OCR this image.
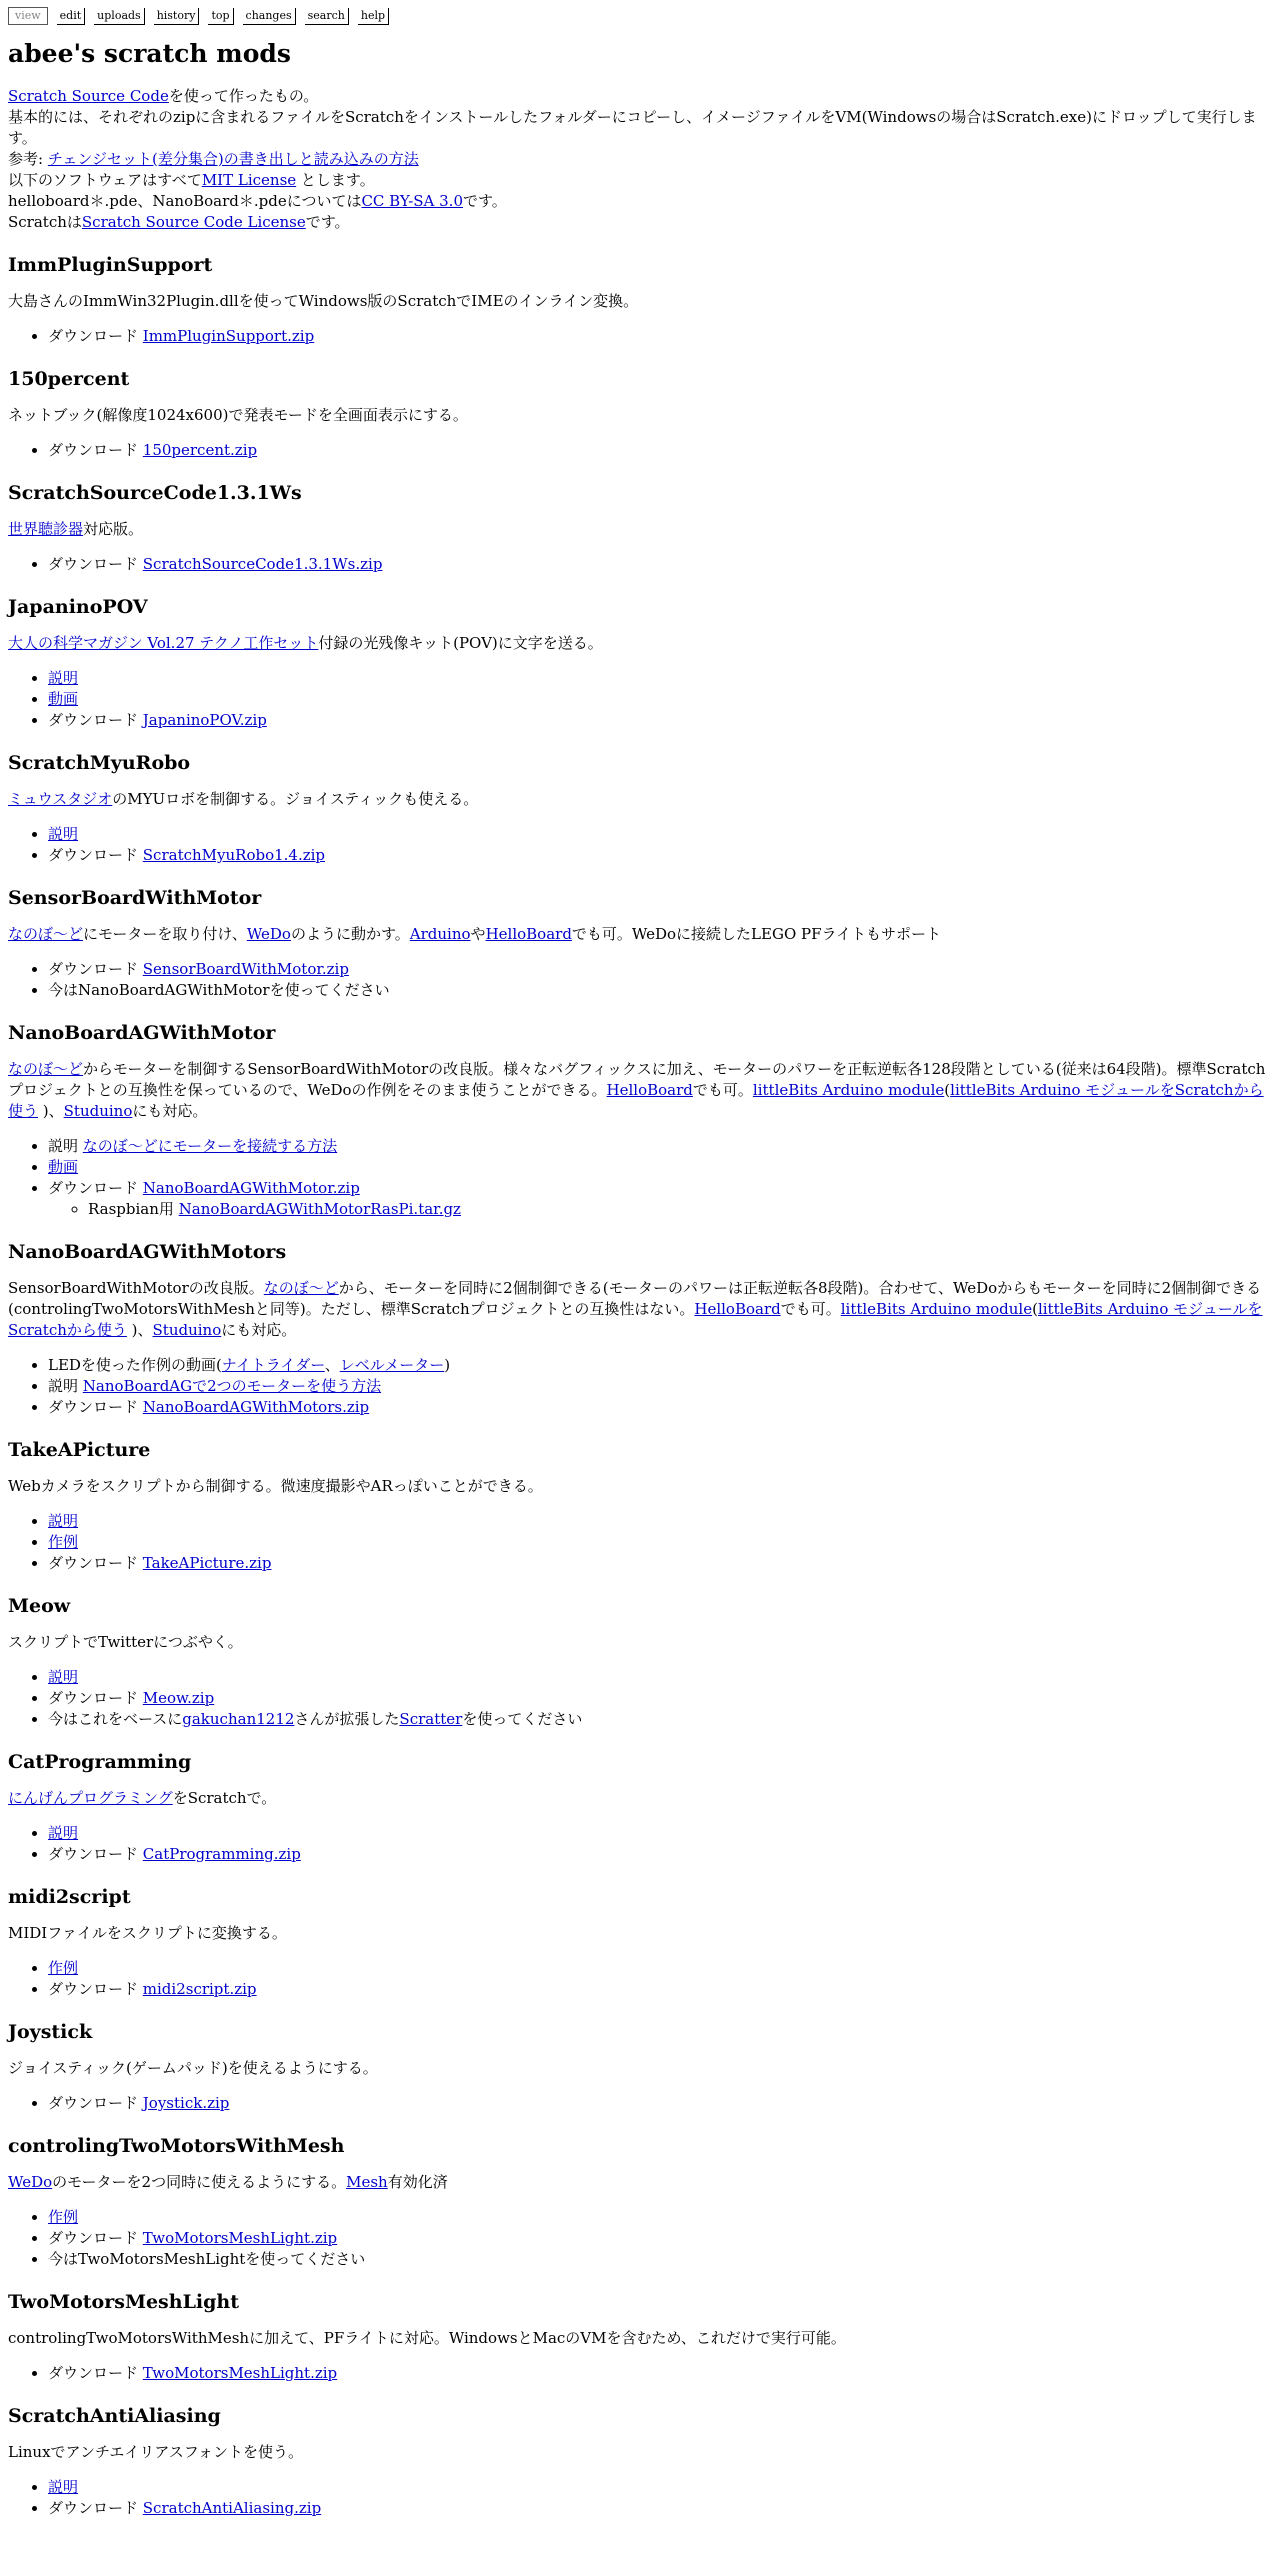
view	edit	uploads	history	top	changes	search	help
abee's scratch mods
Scratch Source Codeを使って作ったもの。
基本的には、それぞれのzipに含まれるファイルをScratchをインストールしたフォルダーにコピーし、イメージファイルをVM(Windowsの場合はScratch.exe)にドロップして実行します。
参考: チェンジセット(差分集合)の書き出しと読み込みの方法
以下のソフトウェアはすべてMIT License とします。
helloboard＊.pde、NanoBoard＊.pdeについてはCC BY-SA 3.0です。
ScratchはScratch Source Code Licenseです。
ImmPluginSupport

大島さんのImmWin32Plugin.dllを使ってWindows版のScratchでIMEのインライン変換。

• ダウンロード ImmPluginSupport.zip
150percent

ネットブック(解像度1024x600)で発表モードを全画面表示にする。

• ダウンロード 150percent.zip
ScratchSourceCode1.3.1Ws

世界聴診器対応版。

• ダウンロード ScratchSourceCode1.3.1Ws.zip
JapaninoPOV

大人の科学マガジン Vol.27 テクノ工作セット付録の光残像キット(POV)に文字を送る。

• 説明
• 動画
• ダウンロード JapaninoPOV.zip
ScratchMyuRobo

ミュウスタジオのMYUロボを制御する。ジョイスティックも使える。

• 説明
• ダウンロード ScratchMyuRobo1.4.zip
SensorBoardWithMotor

なのぼ〜どにモーターを取り付け、WeDoのように動かす。ArduinoやHelloBoardでも可。WeDoに接続したLEGO PFライトもサポート

• ダウンロード SensorBoardWithMotor.zip
• 今はNanoBoardAGWithMotorを使ってください
NanoBoardAGWithMotor

なのぼ〜どからモーターを制御するSensorBoardWithMotorの改良版。様々なバグフィックスに加え、モーターのパワーを正転逆転各128段階としている(従来は64段階)。標準Scratchプロジェクトとの互換性を保っているので、WeDoの作例をそのまま使うことができる。HelloBoardでも可。littleBits Arduino module(littleBits Arduino モジュールをScratchから使う )、Studuinoにも対応。

• 説明 なのぼ～どにモーターを接続する方法
• 動画
• ダウンロード NanoBoardAGWithMotor.zip
◦ Raspbian用 NanoBoardAGWithMotorRasPi.tar.gz
NanoBoardAGWithMotors

SensorBoardWithMotorの改良版。なのぼ〜どから、モーターを同時に2個制御できる(モーターのパワーは正転逆転各8段階)。合わせて、WeDoからもモーターを同時に2個制御できる(controlingTwoMotorsWithMeshと同等)。ただし、標準Scratchプロジェクトとの互換性はない。HelloBoardでも可。littleBits Arduino module(littleBits Arduino モジュールをScratchから使う )、Studuinoにも対応。

• LEDを使った作例の動画(ナイトライダー、レベルメーター)
• 説明 NanoBoardAGで2つのモーターを使う方法
• ダウンロード NanoBoardAGWithMotors.zip
TakeAPicture

Webカメラをスクリプトから制御する。微速度撮影やARっぽいことができる。

• 説明
• 作例
• ダウンロード TakeAPicture.zip
Meow

スクリプトでTwitterにつぶやく。

• 説明
• ダウンロード Meow.zip
• 今はこれをベースにgakuchan1212さんが拡張したScratterを使ってください
CatProgramming

にんげんプログラミングをScratchで。

• 説明
• ダウンロード CatProgramming.zip
midi2script

MIDIファイルをスクリプトに変換する。

• 作例
• ダウンロード midi2script.zip
Joystick

ジョイスティック(ゲームパッド)を使えるようにする。

• ダウンロード Joystick.zip
controlingTwoMotorsWithMesh

WeDoのモーターを2つ同時に使えるようにする。Mesh有効化済

• 作例
• ダウンロード TwoMotorsMeshLight.zip
• 今はTwoMotorsMeshLightを使ってください
TwoMotorsMeshLight

controlingTwoMotorsWithMeshに加えて、PFライトに対応。WindowsとMacのVMを含むため、これだけで実行可能。

• ダウンロード TwoMotorsMeshLight.zip
ScratchAntiAliasing

Linuxでアンチエイリアスフォントを使う。

• 説明
• ダウンロード ScratchAntiAliasing.zip
